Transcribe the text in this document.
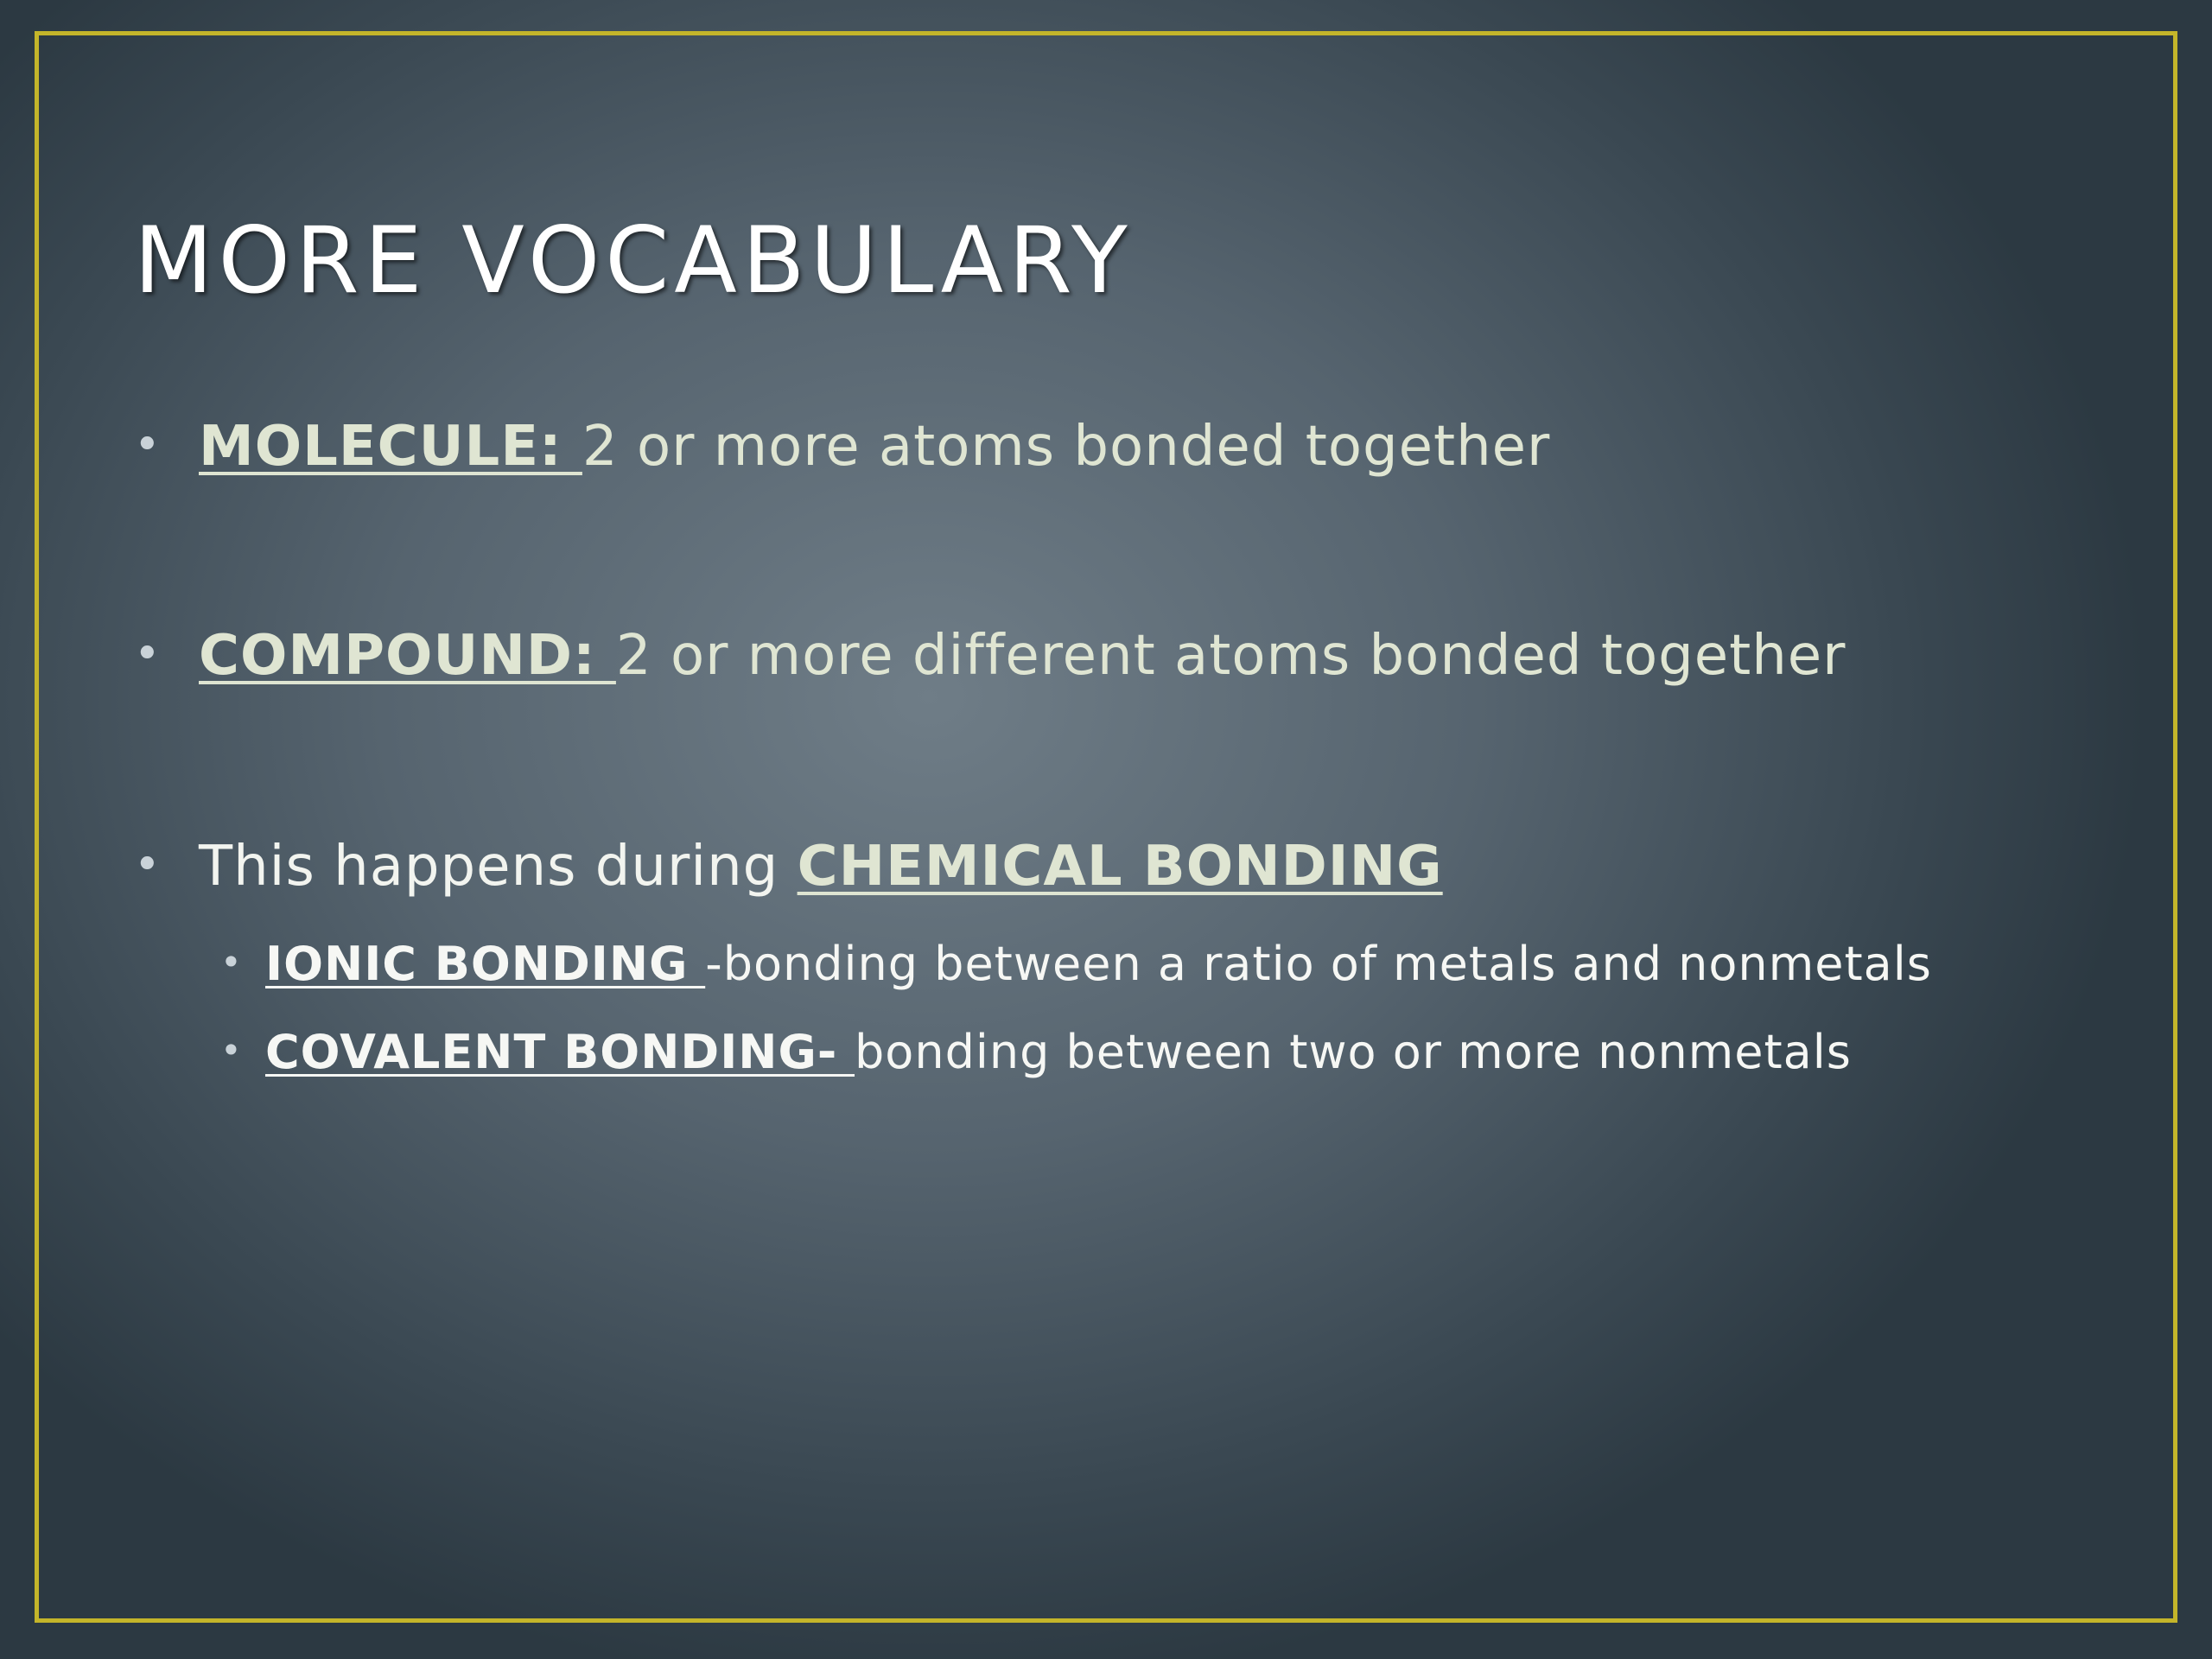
MORE VOCABULARY
• MOLECULE: 2 or more atoms bonded together
• COMPOUND: 2 or more different atoms bonded together
• This happens during CHEMICAL BONDING
• IONIC BONDING -bonding between a ratio of metals and nonmetals
• COVALENT BONDING- bonding between two or more nonmetals
